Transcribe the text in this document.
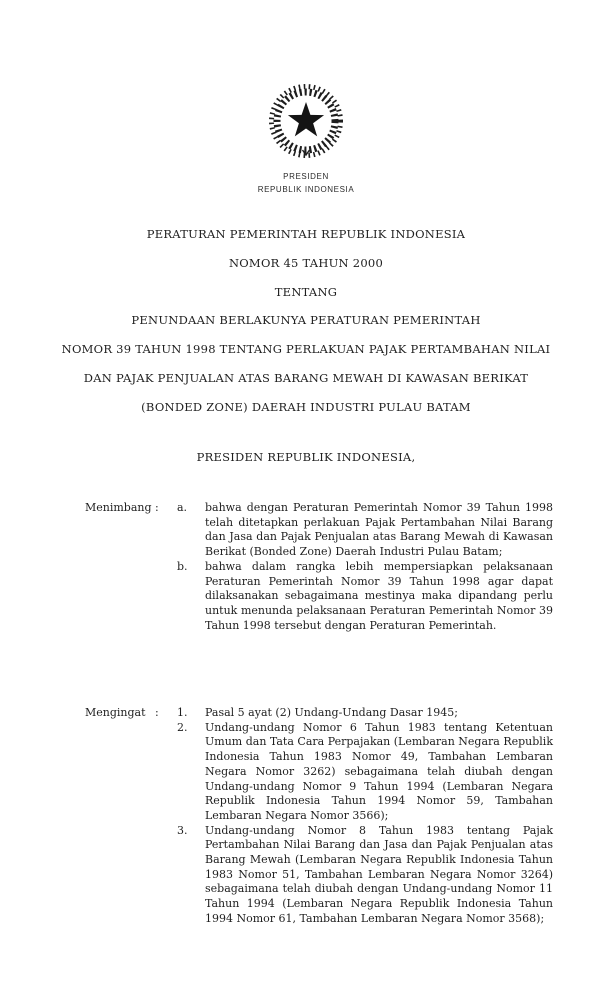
PRESIDEN
REPUBLIK INDONESIA
PERATURAN PEMERINTAH REPUBLIK INDONESIA
NOMOR 45 TAHUN 2000
TENTANG
PENUNDAAN BERLAKUNYA PERATURAN PEMERINTAH
NOMOR 39 TAHUN 1998 TENTANG PERLAKUAN PAJAK PERTAMBAHAN NILAI
DAN PAJAK PENJUALAN ATAS BARANG MEWAH DI KAWASAN BERIKAT
(BONDED ZONE) DAERAH INDUSTRI PULAU BATAM
PRESIDEN REPUBLIK INDONESIA,
Menimbang :	a.	bahwa dengan Peraturan Pemerintah Nomor 39 Tahun 1998 telah ditetapkan perlakuan Pajak Pertambahan Nilai Barang dan Jasa dan Pajak Penjualan atas Barang Mewah di Kawasan Berikat (Bonded Zone) Daerah Industri Pulau Batam;
b.	bahwa dalam rangka lebih mempersiapkan pelaksanaan Peraturan Pemerintah Nomor 39 Tahun 1998 agar dapat dilaksanakan sebagaimana mestinya maka dipandang perlu untuk menunda pelaksanaan Peraturan Pemerintah Nomor 39 Tahun 1998 tersebut dengan Peraturan Pemerintah.
Mengingat :	1.	Pasal 5 ayat (2) Undang-Undang Dasar 1945;
2.	Undang-undang Nomor 6 Tahun 1983 tentang Ketentuan Umum dan Tata Cara Perpajakan (Lembaran Negara Republik Indonesia Tahun 1983 Nomor 49, Tambahan Lembaran Negara Nomor 3262) sebagaimana telah diubah dengan Undang-undang Nomor 9 Tahun 1994 (Lembaran Negara Republik Indonesia Tahun 1994 Nomor 59, Tambahan Lembaran Negara Nomor 3566);
3.	Undang-undang Nomor 8 Tahun 1983 tentang Pajak Pertambahan Nilai Barang dan Jasa dan Pajak Penjualan atas Barang Mewah (Lembaran Negara Republik Indonesia Tahun 1983 Nomor 51, Tambahan Lembaran Negara Nomor 3264) sebagaimana telah diubah dengan Undang-undang Nomor 11 Tahun 1994 (Lembaran Negara Republik Indonesia Tahun 1994 Nomor 61, Tambahan Lembaran Negara Nomor 3568);
